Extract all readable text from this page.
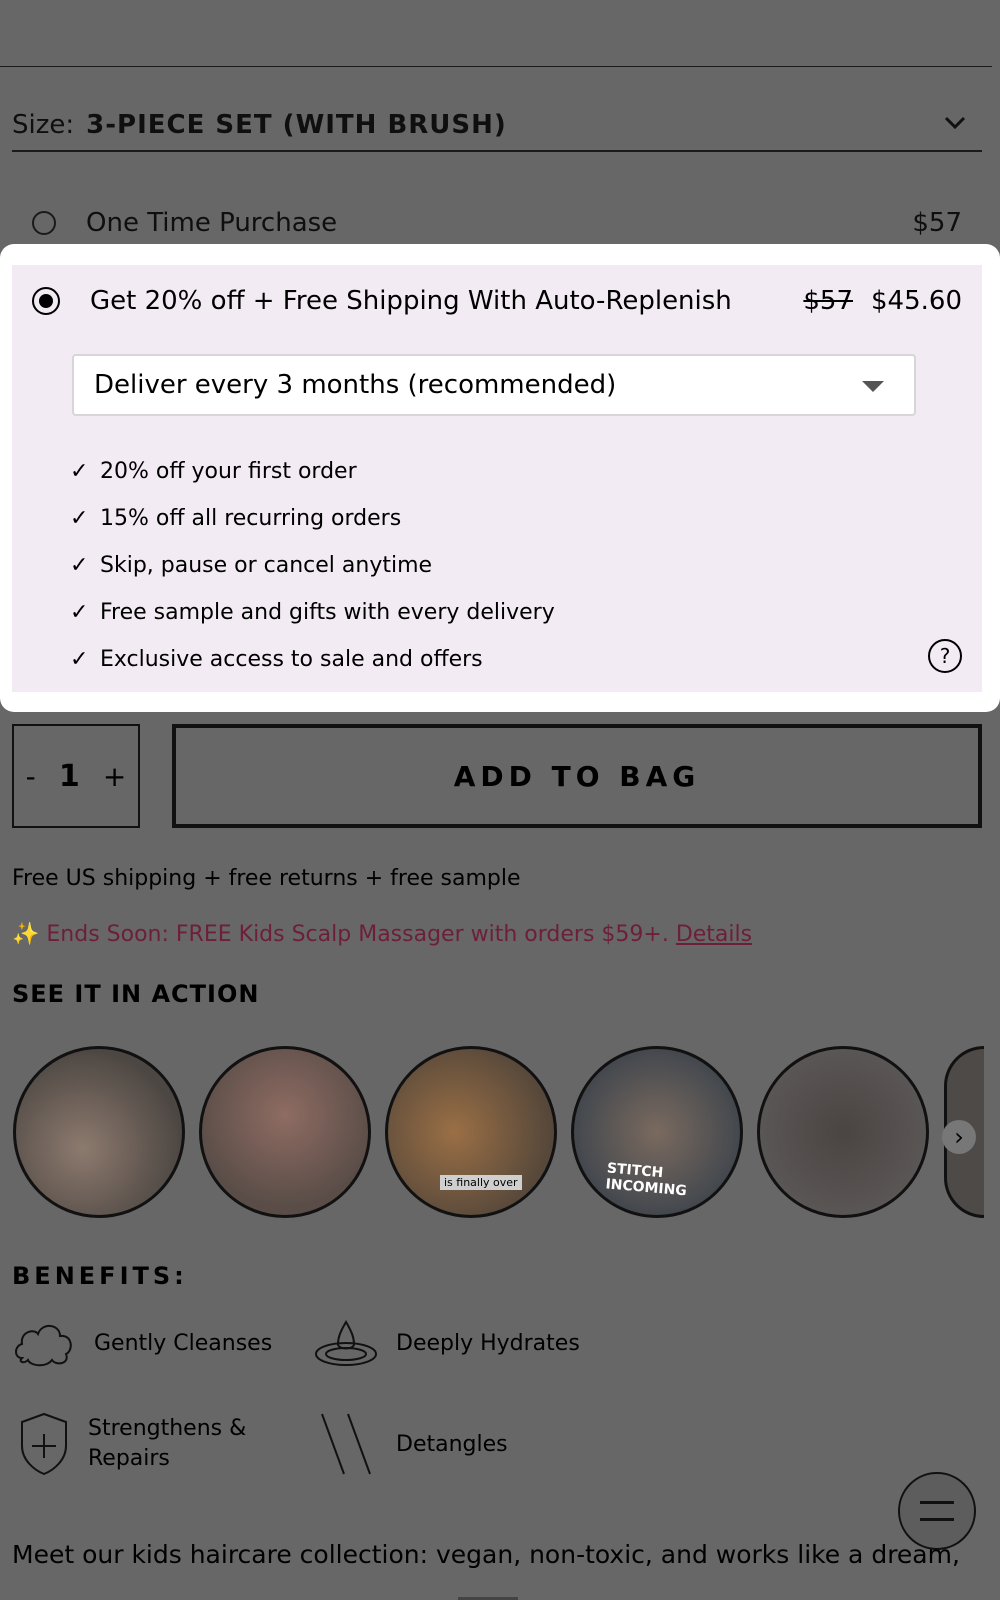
Size: 3-PIECE SET (WITH BRUSH)
One Time Purchase	$57
Get 20% off + Free Shipping With Auto-Replenish	$57 $45.60
Deliver every 3 months (recommended)
✓ 20% off your first order
✓ 15% off all recurring orders
✓ Skip, pause or cancel anytime
✓ Free sample and gifts with every delivery
✓ Exclusive access to sale and offers	?
- 1 +	ADD TO BAG
Free US shipping + free returns + free sample
✨ Ends Soon: FREE Kids Scalp Massager with orders $59+. Details
SEE IT IN ACTION
is finally over
STITCH INCOMING
›
BENEFITS:
Gently Cleanses	Deeply Hydrates
Strengthens & Repairs
Detangles
Meet our kids haircare collection: vegan, non-toxic, and works like a dream,
